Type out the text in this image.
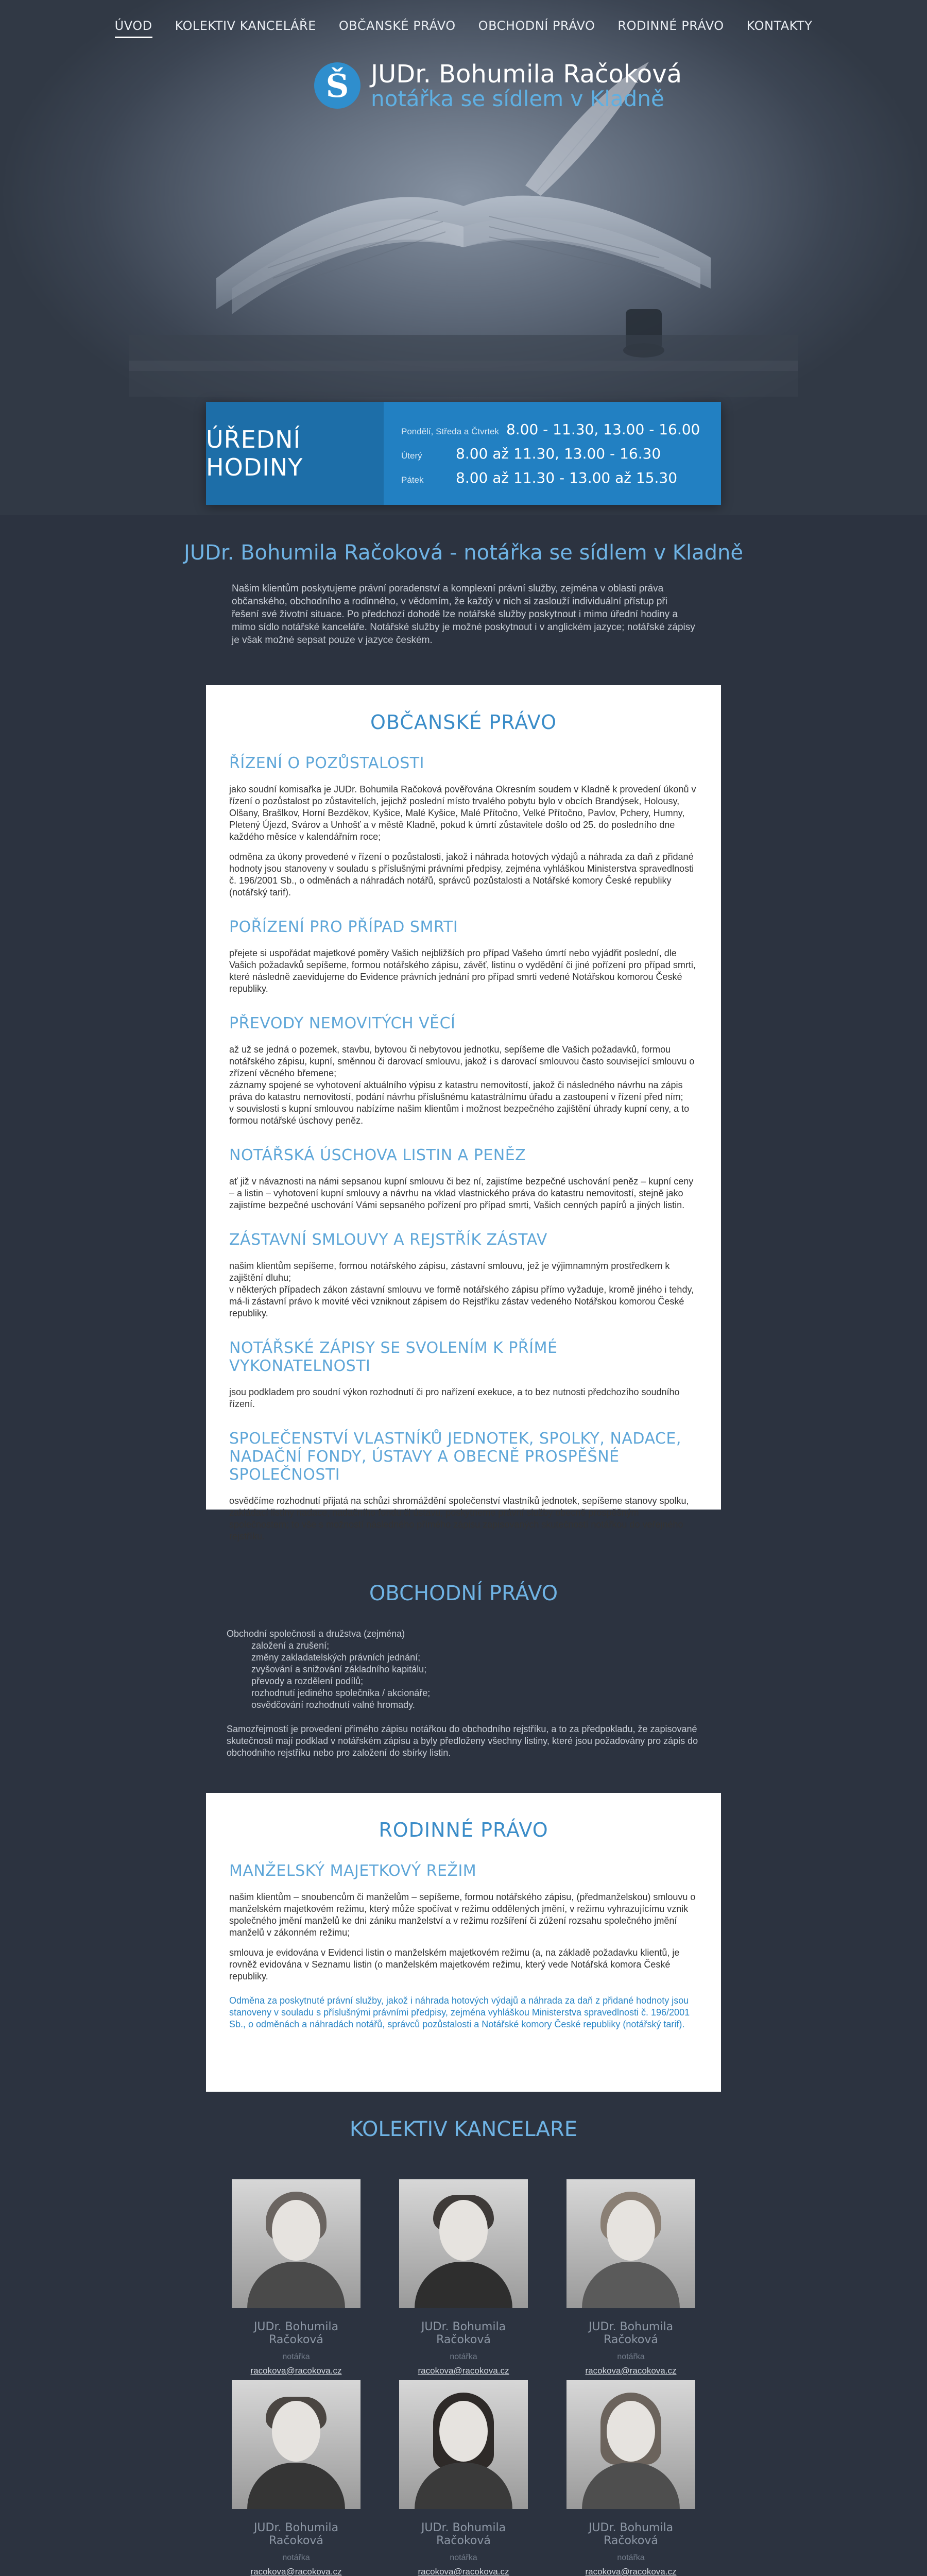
ÚVOD	KOLEKTIV KANCELÁŘE	OBČANSKÉ PRÁVO	OBCHODNÍ PRÁVO	RODINNÉ PRÁVO	KONTAKTY
Š JUDr. Bohumila Račoková
notářka se sídlem v Kladně
ÚŘEDNÍ HODINY
Pondělí, Středa a Čtvrtek 8.00 - 11.30, 13.00 - 16.00
Úterý	8.00 až 11.30, 13.00 - 16.30
Pátek	8.00 až 11.30 - 13.00 až 15.30
JUDr. Bohumila Račoková - notářka se sídlem v Kladně

Našim klientům poskytujeme právní poradenství a komplexní právní služby, zejména v oblasti práva občanského, obchodního a rodinného, v vědomím, že každý v nich si zaslouží individuální přístup při řešení své životní situace. Po předchozí dohodě lze notářské služby poskytnout i mimo úřední hodiny a mimo sídlo notářské kanceláře. Notářské služby je možné poskytnout i v anglickém jazyce; notářské zápisy je však možné sepsat pouze v jazyce českém.

OBČANSKÉ PRÁVO
ŘÍZENÍ O POZŮSTALOSTI

jako soudní komisařka je JUDr. Bohumila Račoková pověřována Okresním soudem v Kladně k provedení úkonů v řízení o pozůstalost po zůstavitelích, jejichž poslední místo trvalého pobytu bylo v obcích Brandýsek, Holousy, Olšany, Brašlkov, Horní Bezděkov, Kyšice, Malé Kyšice, Malé Přítočno, Velké Přítočno, Pavlov, Pchery, Humny, Pletený Újezd, Svárov a Unhošť a v městě Kladně, pokud k úmrtí zůstavitele došlo od 25. do posledního dne každého měsíce v kalendářním roce;

odměna za úkony provedené v řízení o pozůstalosti, jakož i náhrada hotových výdajů a náhrada za daň z přidané hodnoty jsou stanoveny v souladu s příslušnými právními předpisy, zejména vyhláškou Ministerstva spravedlnosti č. 196/2001 Sb., o odměnách a náhradách notářů, správců pozůstalosti a Notářské komory České republiky (notářský tarif).

POŘÍZENÍ PRO PŘÍPAD SMRTI

přejete si uspořádat majetkové poměry Vašich nejbližších pro případ Vašeho úmrtí nebo vyjádřit poslední, dle Vašich požadavků sepíšeme, formou notářského zápisu, závěť, listinu o vydědění či jiné pořízení pro případ smrti, které následně zaevidujeme do Evidence právních jednání pro případ smrti vedené Notářskou komorou České republiky.

PŘEVODY NEMOVITÝCH VĚCÍ

až už se jedná o pozemek, stavbu, bytovou či nebytovou jednotku, sepíšeme dle Vašich požadavků, formou notářského zápisu, kupní, směnnou či darovací smlouvu, jakož i s darovací smlouvou často související smlouvu o zřízení věcného břemene;
záznamy spojené se vyhotovení aktuálního výpisu z katastru nemovitostí, jakož či následného návrhu na zápis práva do katastru nemovitostí, podání návrhu příslušnému katastrálnímu úřadu a zastoupení v řízení před ním;
v souvislosti s kupní smlouvou nabízíme našim klientům i možnost bezpečného zajištění úhrady kupní ceny, a to formou notářské úschovy peněz.

NOTÁŘSKÁ ÚSCHOVA LISTIN A PENĚZ

ať již v návaznosti na námi sepsanou kupní smlouvu či bez ní, zajistíme bezpečné uschování peněz – kupní ceny – a listin – vyhotovení kupní smlouvy a návrhu na vklad vlastnického práva do katastru nemovitostí, stejně jako zajistíme bezpečné uschování Vámi sepsaného pořízení pro případ smrti, Vašich cenných papírů a jiných listin.

ZÁSTAVNÍ SMLOUVY A REJSTŘÍK ZÁSTAV

našim klientům sepíšeme, formou notářského zápisu, zástavní smlouvu, jež je výjimnamným prostředkem k zajištění dluhu;
v některých případech zákon zástavní smlouvu ve formě notářského zápisu přímo vyžaduje, kromě jiného i tehdy, má-li zástavní právo k movité věci vzniknout zápisem do Rejstříku zástav vedeného Notářskou komorou České republiky.

NOTÁŘSKÉ ZÁPISY SE SVOLENÍM K PŘÍMÉ VYKONATELNOSTI

jsou podkladem pro soudní výkon rozhodnutí či pro nařízení exekuce, a to bez nutnosti předchozího soudního řízení.

SPOLEČENSTVÍ VLASTNÍKŮ JEDNOTEK, SPOLKY, NADACE, NADAČNÍ FONDY, ÚSTAVY A OBECNĚ PROSPĚŠNÉ SPOLEČNOSTI

osvědčíme rozhodnutí přijatá na schůzi shromáždění společenství vlastníků jednotek, sepíšeme stanovy spolku, zakládací listiny nadace, nadačního fondu či ústavu, poskytneme právní služby obecně prospěšným společnostem; to vše s možností následného přímého zápisu zapisovaných skutečností notářkou do veřejného rejstříku.

OBCHODNÍ PRÁVO
Obchodní společnosti a družstva (zejména)
založení a zrušení;
změny zakladatelských právních jednání;
zvyšování a snižování základního kapitálu;
převody a rozdělení podílů;
rozhodnutí jediného společníka / akcionáře;
osvědčování rozhodnutí valné hromady.

Samozřejmostí je provedení přímého zápisu notářkou do obchodního rejstříku, a to za předpokladu, že zapisované skutečnosti mají podklad v notářském zápisu a byly předloženy všechny listiny, které jsou požadovány pro zápis do obchodního rejstříku nebo pro založení do sbírky listin.

RODINNÉ PRÁVO
MANŽELSKÝ MAJETKOVÝ REŽIM

našim klientům – snoubencům či manželům – sepíšeme, formou notářského zápisu, (předmanželskou) smlouvu o manželském majetkovém režimu, který může spočívat v režimu oddělených jmění, v režimu vyhrazujícímu vznik společného jmění manželů ke dni zániku manželství a v režimu rozšíření či zúžení rozsahu společného jmění manželů v zákonném režimu;

smlouva je evidována v Evidenci listin o manželském majetkovém režimu (a, na základě požadavku klientů, je rovněž evidována v Seznamu listin (o manželském majetkovém režimu, který vede Notářská komora České republiky.

Odměna za poskytnuté právní služby, jakož i náhrada hotových výdajů a náhrada za daň z přidané hodnoty jsou stanoveny v souladu s příslušnými právními předpisy, zejména vyhláškou Ministerstva spravedlnosti č. 196/2001 Sb., o odměnách a náhradách notářů, správců pozůstalosti a Notářské komory České republiky (notářský tarif).

KOLEKTIV KANCELARE
JUDr. Bohumila Račoková
notářka
racokova@racokova.cz
JUDr. Bohumila Račoková
notářka
racokova@racokova.cz
JUDr. Bohumila Račoková
notářka
racokova@racokova.cz
JUDr. Bohumila Račoková
notářka
racokova@racokova.cz
JUDr. Bohumila Račoková
notářka
racokova@racokova.cz
JUDr. Bohumila Račoková
notářka
racokova@racokova.cz
